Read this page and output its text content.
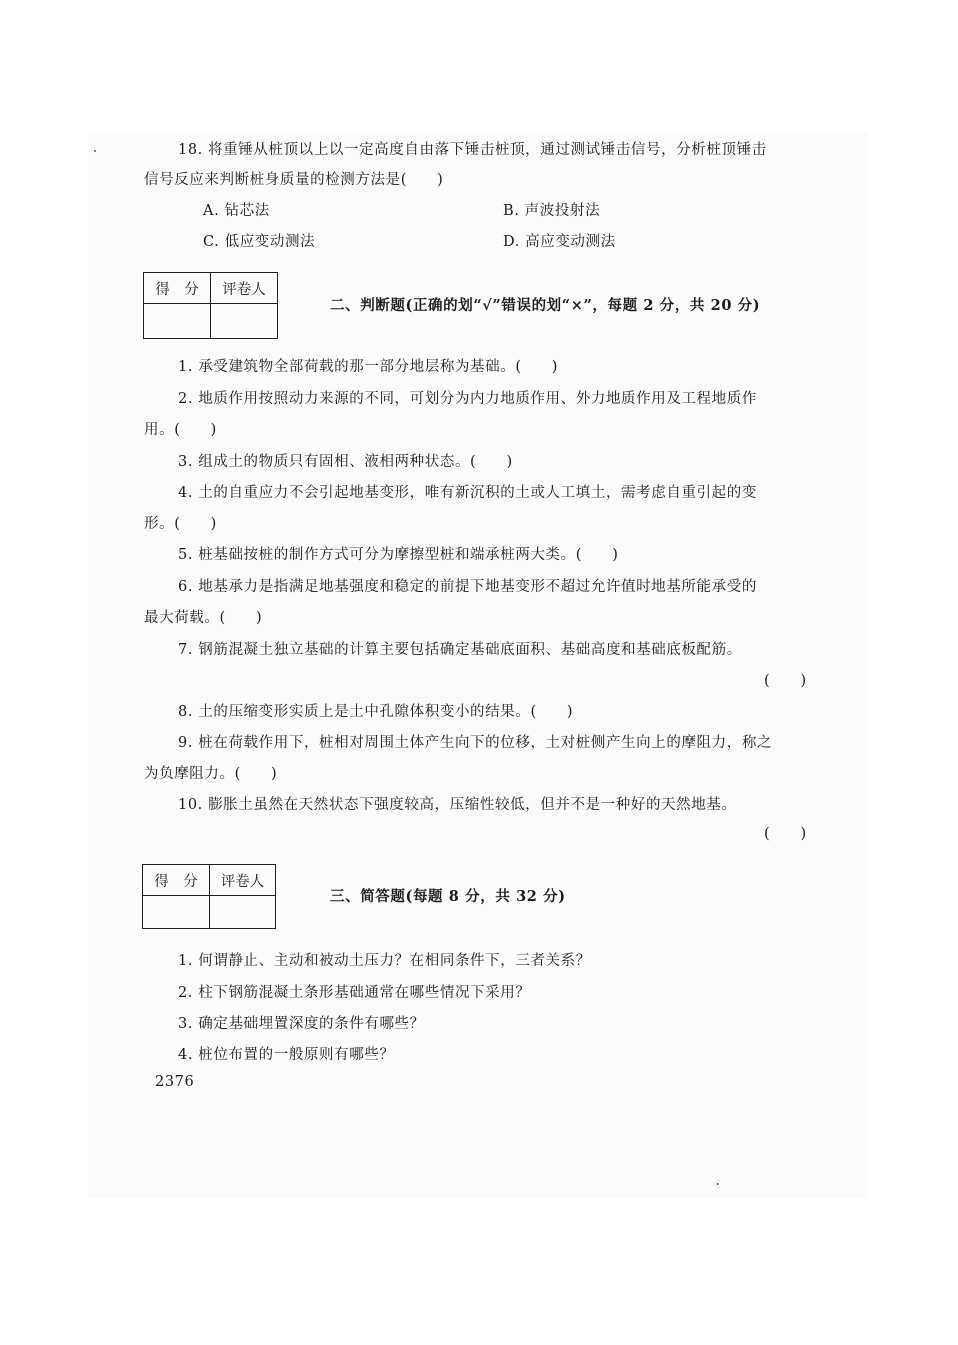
18. 将重锤从桩顶以上以一定高度自由落下锤击桩顶，通过测试锤击信号，分析桩顶锤击
信号反应来判断桩身质量的检测方法是(　　)
A. 钻芯法	B. 声波投射法
C. 低应变动测法	D. 高应变动测法
得　分	评卷人

二、判断题(正确的划“√”错误的划“×”，每题 2 分，共 20 分)
1. 承受建筑物全部荷载的那一部分地层称为基础。(　　)
2. 地质作用按照动力来源的不同，可划分为内力地质作用、外力地质作用及工程地质作
用。(　　)
3. 组成土的物质只有固相、液相两种状态。(　　)
4. 土的自重应力不会引起地基变形，唯有新沉积的土或人工填土，需考虑自重引起的变
形。(　　)
5. 桩基础按桩的制作方式可分为摩擦型桩和端承桩两大类。(　　)
6. 地基承力是指满足地基强度和稳定的前提下地基变形不超过允许值时地基所能承受的
最大荷载。(　　)
7. 钢筋混凝土独立基础的计算主要包括确定基础底面积、基础高度和基础底板配筋。
(　　)
8. 土的压缩变形实质上是土中孔隙体积变小的结果。(　　)
9. 桩在荷载作用下，桩相对周围土体产生向下的位移，土对桩侧产生向上的摩阻力，称之
为负摩阻力。(　　)
10. 膨胀土虽然在天然状态下强度较高，压缩性较低，但并不是一种好的天然地基。
(　　)
得　分	评卷人

三、简答题(每题 8 分，共 32 分)
1. 何谓静止、主动和被动土压力？在相同条件下，三者关系？
2. 柱下钢筋混凝土条形基础通常在哪些情况下采用？
3. 确定基础埋置深度的条件有哪些？
4. 桩位布置的一般原则有哪些？
2376
